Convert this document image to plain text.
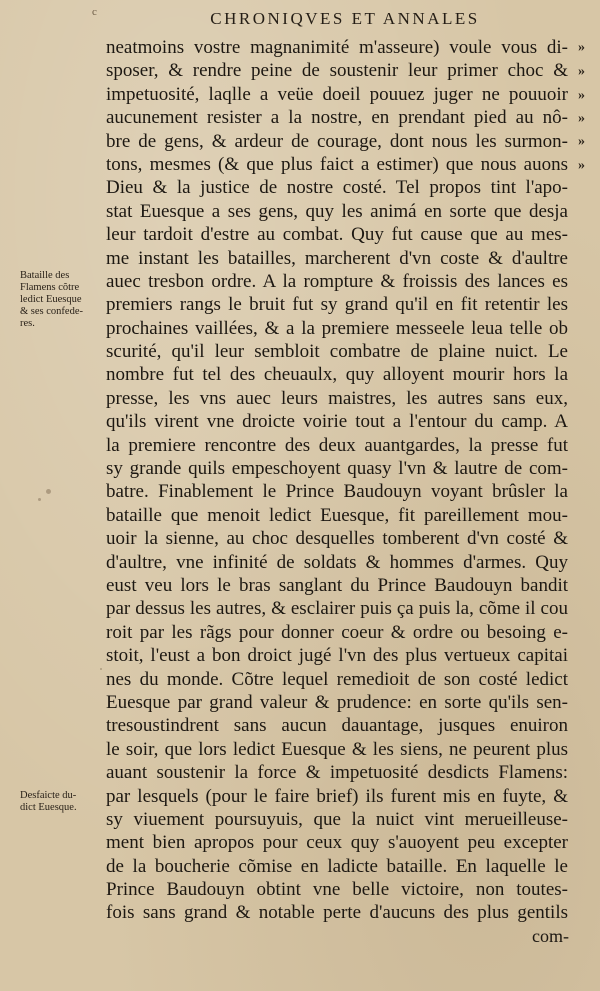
c	CHRONIQVES ET ANNALES
neatmoins vostre magnanimité m'asseure) voule vous di-
sposer, & rendre peine de soustenir leur primer choc &
impetuosité, laqlle a veüe doeil pouuez juger ne pouuoir
aucunement resister a la nostre, en prendant pied au nô-
bre de gens, & ardeur de courage, dont nous les surmon-
tons, mesmes (& que plus faict a estimer) que nous auons
Dieu & la justice de nostre costé. Tel propos tint l'apo-
stat Euesque a ses gens, quy les animá en sorte que desja
leur tardoit d'estre au combat. Quy fut cause que au mes-
me instant les batailles, marcherent d'vn coste & d'aultre
auec tresbon ordre. A la rompture & froissis des lances es
premiers rangs le bruit fut sy grand qu'il en fit retentir les
prochaines vaillées, & a la premiere messeele leua telle ob
scurité, qu'il leur sembloit combatre de plaine nuict. Le
nombre fut tel des cheuaulx, quy alloyent mourir hors la
presse, les vns auec leurs maistres, les autres sans eux,
qu'ils virent vne droicte voirie tout a l'entour du camp. A
la premiere rencontre des deux auantgardes, la presse fut
sy grande quils empeschoyent quasy l'vn & lautre de com-
batre. Finablement le Prince Baudouyn voyant brûsler la
bataille que menoit ledict Euesque, fit pareillement mou-
uoir la sienne, au choc desquelles tomberent d'vn costé &
d'aultre, vne infinité de soldats & hommes d'armes. Quy
eust veu lors le bras sanglant du Prince Baudouyn bandit
par dessus les autres, & esclairer puis ça puis la, cõme il cou
roit par les rãgs pour donner coeur & ordre ou besoing e-
stoit, l'eust a bon droict jugé l'vn des plus vertueux capitai
nes du monde. Cõtre lequel remedioit de son costé ledict
Euesque par grand valeur & prudence: en sorte qu'ils sen-
tresoustindrent sans aucun dauantage, jusques enuiron
le soir, que lors ledict Euesque & les siens, ne peurent plus
auant soustenir la force & impetuosité desdicts Flamens:
par lesquels (pour le faire brief) ils furent mis en fuyte, &
sy viuement poursuyuis, que la nuict vint merueilleuse-
ment bien apropos pour ceux quy s'auoyent peu excepter
de la boucherie cõmise en ladicte bataille. En laquelle le
Prince Baudouyn obtint vne belle victoire, non toutes-
fois sans grand & notable perte d'aucuns des plus gentils
»
»
»
»
»
»
Bataille des
Flamens cõtre
ledict Euesque
& ses confede-
res.
Desfaicte du-
dict Euesque.
com-
